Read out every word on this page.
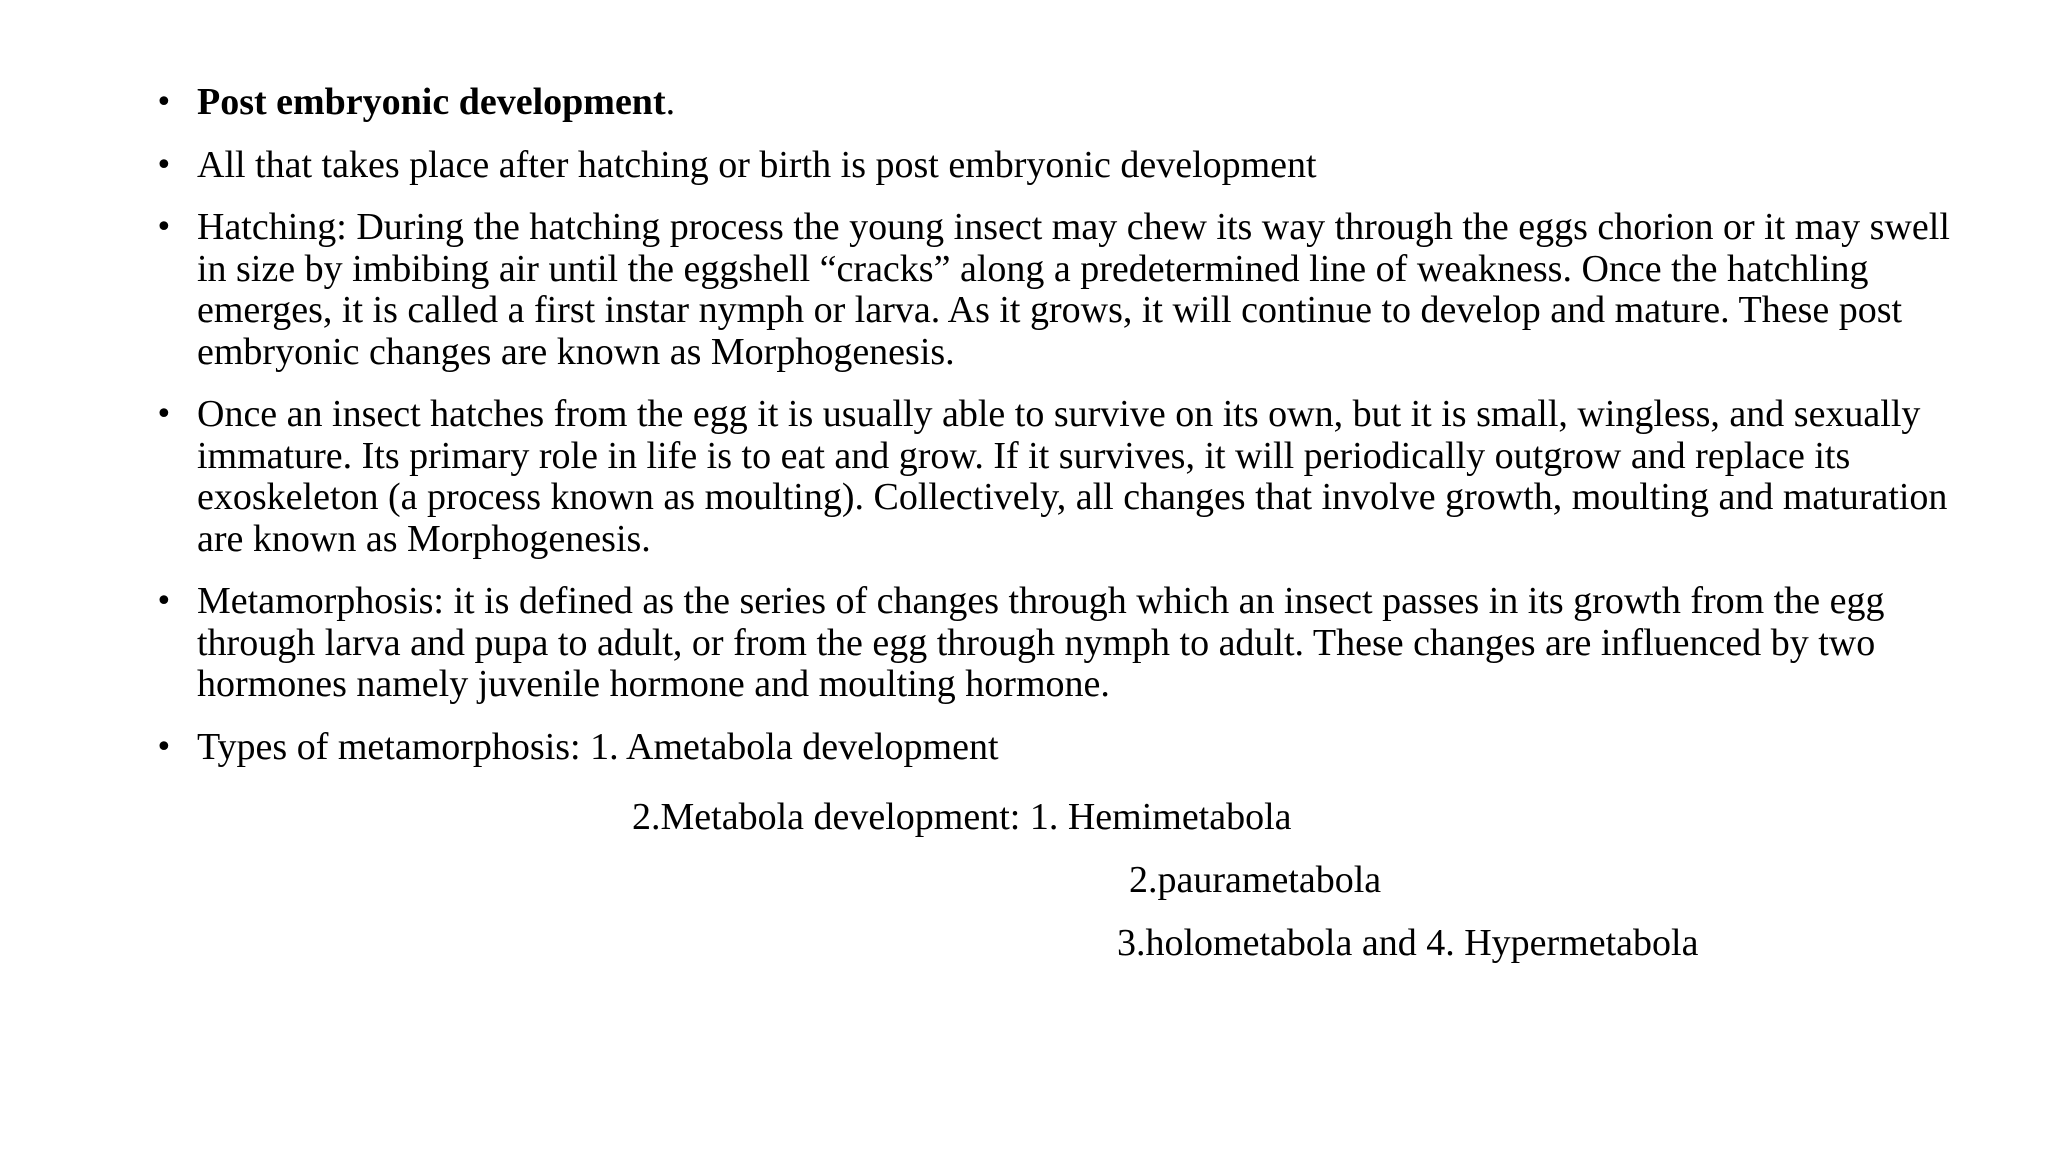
• Post embryonic development.
• All that takes place after hatching or birth is post embryonic development
• Hatching: During the hatching process the young insect may chew its way through the eggs chorion or it may swell in size by imbibing air until the eggshell “cracks” along a predetermined line of weakness. Once the hatchling emerges, it is called a first instar nymph or larva. As it grows, it will continue to develop and mature. These post embryonic changes are known as Morphogenesis.
• Once an insect hatches from the egg it is usually able to survive on its own, but it is small, wingless, and sexually immature. Its primary role in life is to eat and grow. If it survives, it will periodically outgrow and replace its exoskeleton (a process known as moulting). Collectively, all changes that involve growth, moulting and maturation are known as Morphogenesis.
• Metamorphosis: it is defined as the series of changes through which an insect passes in its growth from the egg through larva and pupa to adult, or from the egg through nymph to adult. These changes are influenced by two hormones namely juvenile hormone and moulting hormone.
• Types of metamorphosis: 1. Ametabola development
2.Metabola development: 1. Hemimetabola
2.paurametabola
3.holometabola and 4. Hypermetabola
